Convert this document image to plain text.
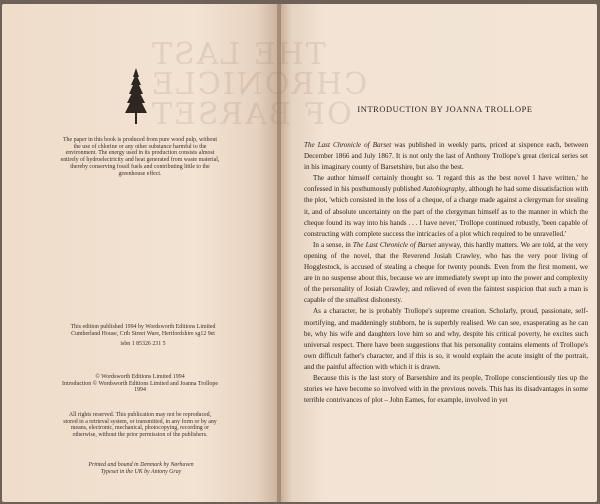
THE LAST
CHRONICLE
OF BARSET
The paper in this book is produced from pure wood pulp, without the use of chlorine or any other substance harmful to the environment. The energy used in its production consists almost entirely of hydroelectricity and heat generated from waste material, thereby conserving fossil fuels and contributing little to the greenhouse effect.

This edition published 1994 by Wordsworth Editions Limited Cumberland House, Crib Street Ware, Hertfordshire sg12 9et

isbn 1 85326 231 5

© Wordsworth Editions Limited 1994

Introduction © Wordsworth Editions Limited and Joanna Trollope 1994

All rights reserved. This publication may not be reproduced, stored in a retrieval system, or transmitted, in any form or by any means, electronic, mechanical, photocopying, recording or otherwise, without the prior permission of the publishers.

Printed and bound in Denmark by Nørhaven

Typeset in the UK by Antony Gray

INTRODUCTION BY JOANNA TROLLOPE

The Last Chronicle of Barset was published in weekly parts, priced at sixpence each, between December 1866 and July 1867. It is not only the last of Anthony Trollope's great clerical series set in his imaginary county of Barsetshire, but also the best.

The author himself certainly thought so. 'I regard this as the best novel I have written,' he confessed in his posthumously published Autobiography, although he had some dissatisfaction with the plot, 'which consisted in the loss of a cheque, of a charge made against a clergyman for stealing it, and of absolute uncertainty on the part of the clergyman himself as to the manner in which the cheque found its way into his hands . . . I have never,' Trollope continued robustly, 'been capable of constructing with complete success the intricacies of a plot which required to be unravelled.'

In a sense, in The Last Chronicle of Barset anyway, this hardly matters. We are told, at the very opening of the novel, that the Reverend Josiah Crawley, who has the very poor living of Hogglestock, is accused of stealing a cheque for twenty pounds. Even from the first moment, we are in no suspense about this, because we are immediately swept up into the power and complexity of the personality of Josiah Crawley, and relieved of even the faintest suspicion that such a man is capable of the smallest dishonesty.

As a character, he is probably Trollope's supreme creation. Scholarly, proud, passionate, self-mortifying, and maddeningly stubborn, he is superbly realised. We can see, exasperating as he can be, why his wife and daughters love him so and why, despite his critical poverty, he excites such universal respect. There have been suggestions that his personality contains elements of Trollope's own difficult father's character, and if this is so, it would explain the acute insight of the portrait, and the painful affection with which it is drawn.

Because this is the last story of Barsetshire and its people, Trollope conscientiously ties up the stories we have become so involved with in the previous novels. This has its disadvantages in some terrible contrivances of plot – John Eames, for example, involved in yet
